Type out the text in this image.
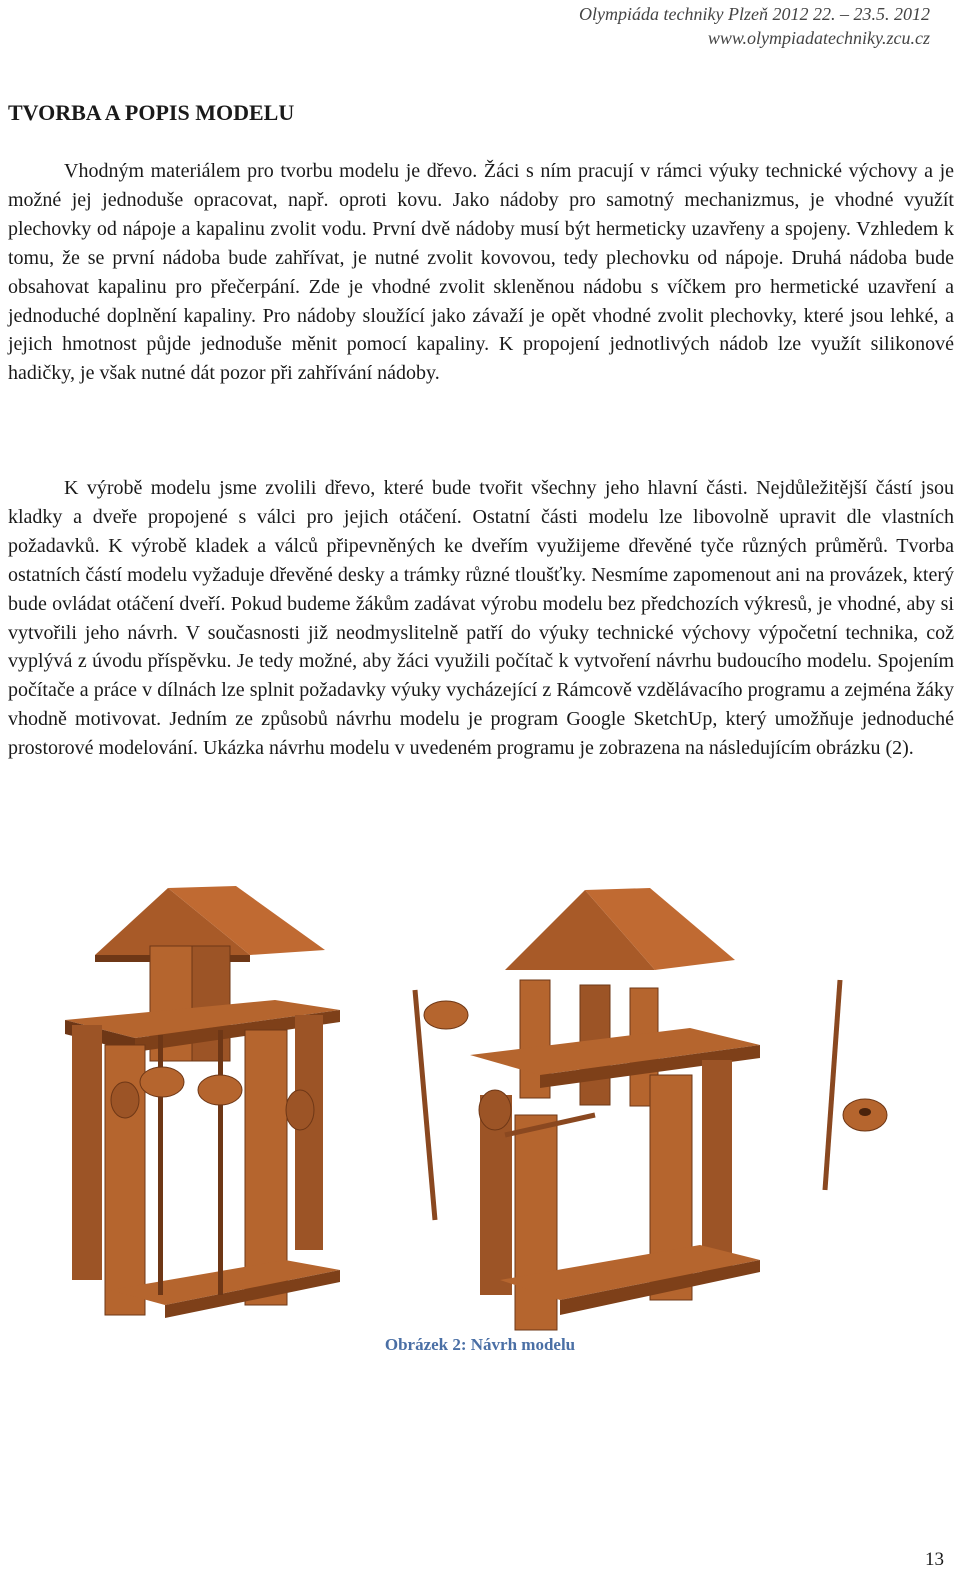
Olympiáda techniky Plzeň 2012 22. – 23.5. 2012
www.olympiadatechniky.zcu.cz
TVORBA A POPIS MODELU

Vhodným materiálem pro tvorbu modelu je dřevo. Žáci s ním pracují v rámci výuky technické výchovy a je možné jej jednoduše opracovat, např. oproti kovu. Jako nádoby pro samotný mechanizmus, je vhodné využít plechovky od nápoje a kapalinu zvolit vodu. První dvě nádoby musí být hermeticky uzavřeny a spojeny. Vzhledem k tomu, že se první nádoba bude zahřívat, je nutné zvolit kovovou, tedy plechovku od nápoje. Druhá nádoba bude obsahovat kapalinu pro přečerpání. Zde je vhodné zvolit skleněnou nádobu s víčkem pro hermetické uzavření a jednoduché doplnění kapaliny. Pro nádoby sloužící jako závaží je opět vhodné zvolit plechovky, které jsou lehké, a jejich hmotnost půjde jednoduše měnit pomocí kapaliny. K propojení jednotlivých nádob lze využít silikonové hadičky, je však nutné dát pozor při zahřívání nádoby.

K výrobě modelu jsme zvolili dřevo, které bude tvořit všechny jeho hlavní části. Nejdůležitější částí jsou kladky a dveře propojené s válci pro jejich otáčení. Ostatní části modelu lze libovolně upravit dle vlastních požadavků. K výrobě kladek a válců připevněných ke dveřím využijeme dřevěné tyče různých průměrů. Tvorba ostatních částí modelu vyžaduje dřevěné desky a trámky různé tloušťky. Nesmíme zapomenout ani na provázek, který bude ovládat otáčení dveří. Pokud budeme žákům zadávat výrobu modelu bez předchozích výkresů, je vhodné, aby si vytvořili jeho návrh. V současnosti již neodmyslitelně patří do výuky technické výchovy výpočetní technika, což vyplývá z úvodu příspěvku. Je tedy možné, aby žáci využili počítač k vytvoření návrhu budoucího modelu. Spojením počítače a práce v dílnách lze splnit požadavky výuky vycházející z Rámcově vzdělávacího programu a zejména žáky vhodně motivovat. Jedním ze způsobů návrhu modelu je program Google SketchUp, který umožňuje jednoduché prostorové modelování. Ukázka návrhu modelu v uvedeném programu je zobrazena na následujícím obrázku (2).

Obrázek 2: Návrh modelu
13
